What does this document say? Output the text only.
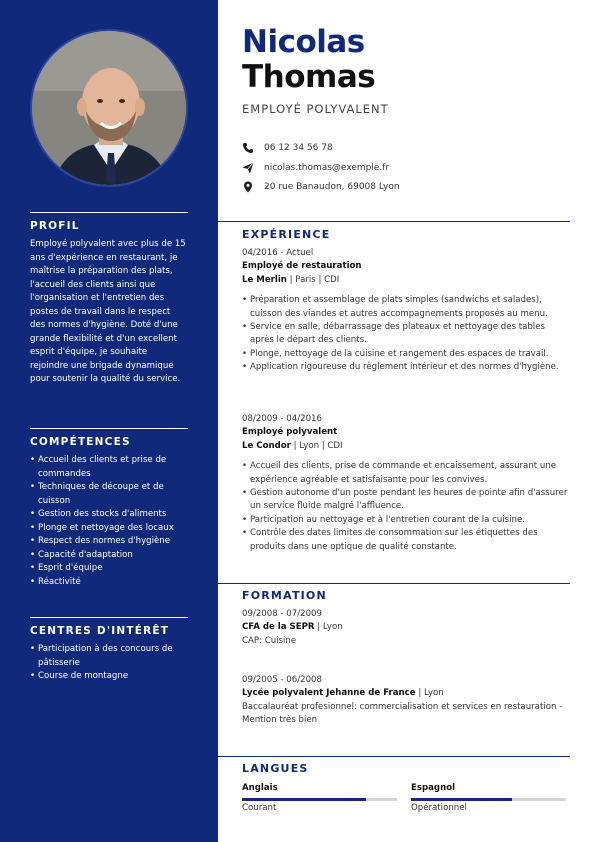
PROFIL
Employé polyvalent avec plus de 15 ans d'expérience en restaurant, je maîtrise la préparation des plats, l'accueil des clients ainsi que l'organisation et l'entretien des postes de travail dans le respect des normes d'hygiène. Doté d'une grande flexibilité et d'un excellent esprit d'équipe, je souhaite rejoindre une brigade dynamique pour soutenir la qualité du service.
COMPÉTENCES
• Accueil des clients et prise de commandes
• Techniques de découpe et de cuisson
• Gestion des stocks d'aliments
• Plonge et nettoyage des locaux
• Respect des normes d'hygiène
• Capacité d'adaptation
• Esprit d'équipe
• Réactivité
CENTRES D'INTÉRÊT
• Participation à des concours de pâtisserie
• Course de montagne
Nicolas
Thomas
EMPLOYÉ POLYVALENT
06 12 34 56 78
nicolas.thomas@exemple.fr
20 rue Banaudon, 69008 Lyon
EXPÉRIENCE
04/2016 - Actuel
Employé de restauration
Le Merlin | Paris | CDI
• Préparation et assemblage de plats simples (sandwichs et salades), cuisson des viandes et autres accompagnements proposés au menu.
• Service en salle, débarrassage des plateaux et nettoyage des tables après le départ des clients.
• Plonge, nettoyage de la cuisine et rangement des espaces de travail.
• Application rigoureuse du règlement intérieur et des normes d'hygiène.
08/2009 - 04/2016
Employé polyvalent
Le Condor | Lyon | CDI
• Accueil des clients, prise de commande et encaissement, assurant une expérience agréable et satisfaisante pour les convives.
• Gestion autonome d'un poste pendant les heures de pointe afin d'assurer un service fluide malgré l'affluence.
• Participation au nettoyage et à l'entretien courant de la cuisine.
• Contrôle des dates limites de consommation sur les étiquettes des produits dans une optique de qualité constante.
FORMATION
09/2008 - 07/2009
CFA de la SEPR | Lyon
CAP: Cuisine
09/2005 - 06/2008
Lycée polyvalent Jehanne de France | Lyon
Baccalauréat profesionnel: commercialisation et services en restauration - Mention très bien
LANGUES
Anglais
Courant
Espagnol
Opérationnel
